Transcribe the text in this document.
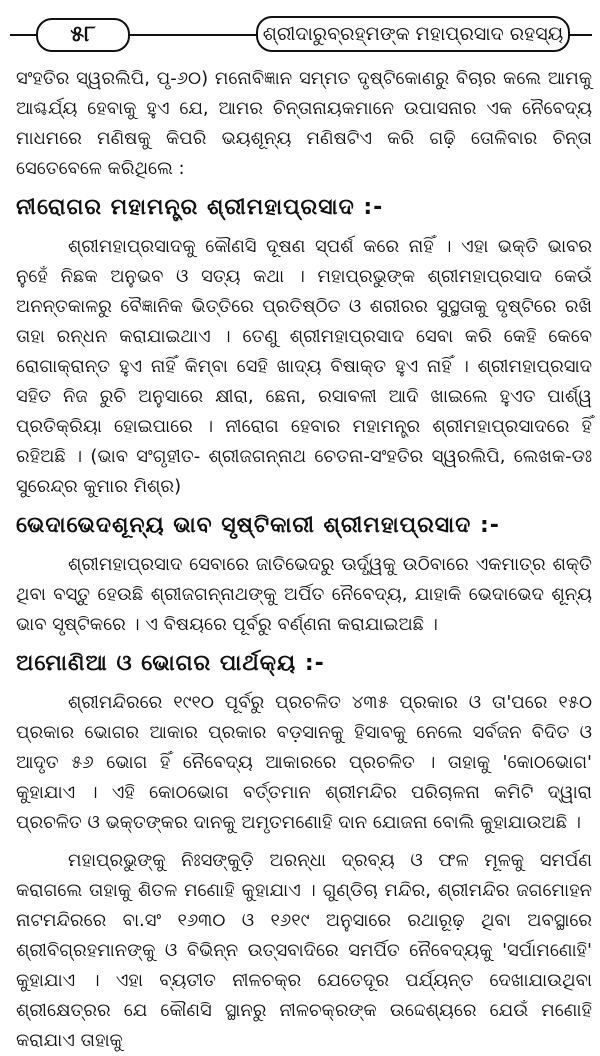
୫୮	ଶ୍ରୀଦାରୁବ୍ରହ୍ମଙ୍କ ମହାପ୍ରସାଦ ରହସ୍ୟ

ସଂହତିର ସ୍ୱରଲିପି, ପୃ-୬୦) ମନୋବିଜ୍ଞାନ ସମ୍ମତ ଦୃଷ୍ଟିକୋଣରୁ ବିଚାର କଲେ ଆମକୁ ଆଶ୍ଚର୍ଯ୍ୟ ହେବାକୁ ହୁଏ ଯେ, ଆମର ଚିନ୍ତାନାୟକମାନେ ଉପାସନାର ଏକ ନୈବେଦ୍ୟ ମାଧମରେ ମଣିଷକୁ କିପରି ଭୟଶୂନ୍ୟ ମଣିଷଟିଏ କରି ଗଢ଼ି ତୋଳିବାର ଚିନ୍ତା ସେତେବେଳେ କରିଥିଲେ :

ନୀରୋଗର ମହାମନ୍ତ୍ର ଶ୍ରୀମହାପ୍ରସାଦ :-

ଶ୍ରୀମହାପ୍ରସାଦକୁ କୌଣସି ଦୂଷଣ ସ୍ପର୍ଶ କରେ ନାହିଁ । ଏହା ଭକ୍ତି ଭାବର ନୁହେଁ ନିଛକ ଅନୁଭବ ଓ ସତ୍ୟ କଥା । ମହାପ୍ରଭୁଙ୍କ ଶ୍ରୀମହାପ୍ରସାଦ କେଉଁ ଅନନ୍ତକାଳରୁ ବୈଜ୍ଞାନିକ ଭିତ୍ତିରେ ପ୍ରତିଷ୍ଠିତ ଓ ଶରୀରର ସୁସ୍ଥତାକୁ ଦୃଷ୍ଟିରେ ରଖି ତାହା ରନ୍ଧନ କରାଯାଇଥାଏ । ତେଣୁ ଶ୍ରୀମହାପ୍ରସାଦ ସେବା କରି କେହି କେବେ ରୋଗାକ୍ରାନ୍ତ ହୁଏ ନାହିଁ କିମ୍ବା ସେହି ଖାଦ୍ୟ ବିଷାକ୍ତ ହୁଏ ନାହିଁ । ଶ୍ରୀମହାପ୍ରସାଦ ସହିତ ନିଜ ରୁଚି ଅନୁସାରେ କ୍ଷୀରା, ଛେନା, ରସାବଳୀ ଆଦି ଖାଇଲେ ହୁଏତ ପାର୍ଶ୍ୱ ପ୍ରତିକ୍ରିୟା ହୋଇପାରେ । ନୀରୋଗ ହେବାର ମହାମନ୍ତ୍ର ଶ୍ରୀମହାପ୍ରସାଦରେ ହିଁ ରହିଅଛି । (ଭାବ ସଂଗୃହୀତ- ଶ୍ରୀଜଗନ୍ନାଥ ଚେତନା-ସଂହତିର ସ୍ୱରଲିପି, ଲେଖକ-ଡଃ ସୁରେନ୍ଦ୍ର କୁମାର ମିଶ୍ର)

ଭେଦାଭେଦଶୂନ୍ୟ ଭାବ ସୃଷ୍ଟିକାରୀ ଶ୍ରୀମହାପ୍ରସାଦ :-

ଶ୍ରୀମହାପ୍ରସାଦ ସେବାରେ ଜାତିଭେଦରୁ ଊର୍ଦ୍ଧ୍ୱକୁ ଉଠିବାରେ ଏକମାତ୍ର ଶକ୍ତି ଥିବା ବସ୍ତୁ ହେଉଛି ଶ୍ରୀଜଗନ୍ନାଥଙ୍କୁ ଅର୍ପିତ ନୈବେଦ୍ୟ, ଯାହାକି ଭେଦାଭେଦ ଶୂନ୍ୟ ଭାବ ସୃଷ୍ଟିକରେ । ଏ ବିଷୟରେ ପୂର୍ବରୁ ବର୍ଣ୍ଣନା କରାଯାଇଅଛି ।

ଅମୋଣିଆ ଓ ଭୋଗର ପାର୍ଥକ୍ୟ :-

ଶ୍ରୀମନ୍ଦିରରେ ୧୯୧୦ ପୂର୍ବରୁ ପ୍ରଚଳିତ ୪୩୫ ପ୍ରକାର ଓ ତା'ପରେ ୧୫୦ ପ୍ରକାର ଭୋଗର ଆକାର ପ୍ରକାର ବଡ଼ସାନକୁ ହିସାବକୁ ନେଲେ ସର୍ବଜନ ବିଦିତ ଓ ଆଦୃତ ୫୬ ଭୋଗ ହିଁ ନୈବେଦ୍ୟ ଆକାରରେ ପ୍ରଚଳିତ । ତାହାକୁ 'କୋଠଭୋଗ' କୁହାଯାଏ । ଏହି କୋଠଭୋଗ ବର୍ତ୍ତମାନ ଶ୍ରୀମନ୍ଦିର ପରିଚାଳନା କମିଟି ଦ୍ୱାରା ପ୍ରଚଳିତ ଓ ଭକ୍ତଙ୍କର ଦାନକୁ ଅମୃତମଣୋହି ଦାନ ଯୋଜନା ବୋଲି କୁହାଯାଉଅଛି ।

ମହାପ୍ରଭୁଙ୍କୁ ନିଃସଙ୍କୁଡ଼ି ଅରନ୍ଧା ଦ୍ରବ୍ୟ ଓ ଫଳ ମୂଳକୁ ସମର୍ପଣ କରାଗଲେ ତାହାକୁ ଶିତଳ ମଣୋହି କୁହାଯାଏ । ଗୁଣ୍ଡିଚା ମନ୍ଦିର, ଶ୍ରୀମନ୍ଦିର ଜଗମୋହନ ନାଟମନ୍ଦିରରେ ବା.ସଂ ୧୬୩୦ ଓ ୧୬୧୯ ଅନୁସାରେ ରଥାରୂଢ଼ ଥିବା ଅବସ୍ଥାରେ ଶ୍ରୀବିଗ୍ରହମାନଙ୍କୁ ଓ ବିଭିନ୍ନ ଉତ୍ସବାଦିରେ ସମର୍ପିତ ନୈବେଦ୍ୟକୁ 'ସର୍ପାମଣୋହି' କୁହାଯାଏ । ଏହା ବ୍ୟତୀତ ନୀଳଚକ୍ର ଯେତେଦୂର ପର୍ଯ୍ୟନ୍ତ ଦେଖାଯାଉଥିବା ଶ୍ରୀକ୍ଷେତ୍ରର ଯେ କୌଣସି ସ୍ଥାନରୁ ନୀଳଚକ୍ରଙ୍କ ଉଦ୍ଦେଶ୍ୟରେ ଯେଉଁ ମଣୋହି କରାଯାଏ ତାହାକୁ
